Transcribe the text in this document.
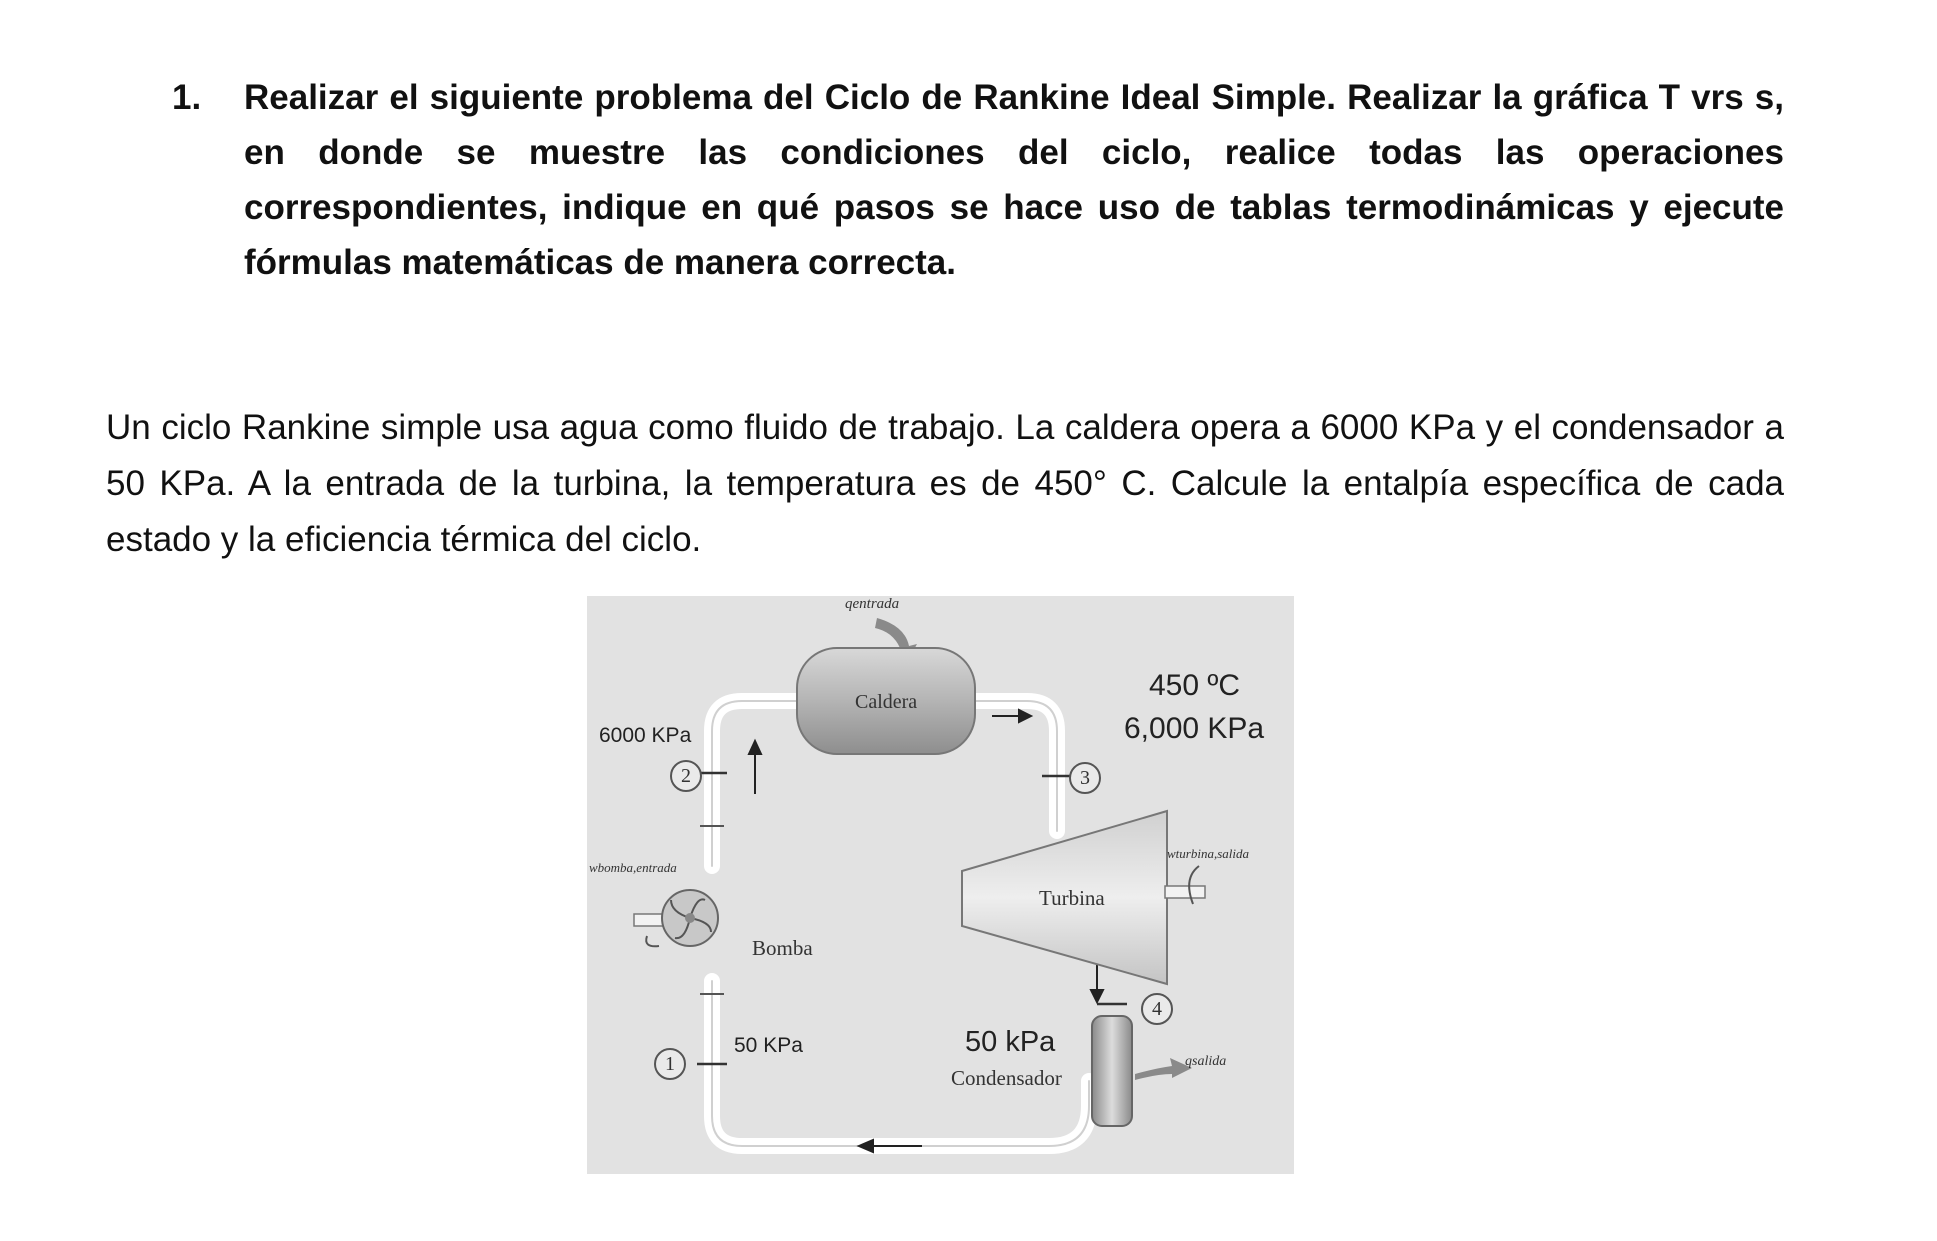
1. Realizar el siguiente problema del Ciclo de Rankine Ideal Simple. Realizar la gráfica T vrs s, en donde se muestre las condiciones del ciclo, realice todas las operaciones correspondientes, indique en qué pasos se hace uso de tablas termodinámicas y ejecute fórmulas matemáticas de manera correcta.
Un ciclo Rankine simple usa agua como fluido de trabajo. La caldera opera a 6000 KPa y el condensador a 50 KPa. A la entrada de la turbina, la temperatura es de 450° C. Calcule la entalpía específica de cada estado y la eficiencia térmica del ciclo.
2	3
4
1
qentrada
Caldera	450 ºC
6,000 KPa
6000 KPa
wbomba,entrada
wturbina,salida
Turbina
Bomba
50 KPa	50 kPa
Condensador
qsalida
